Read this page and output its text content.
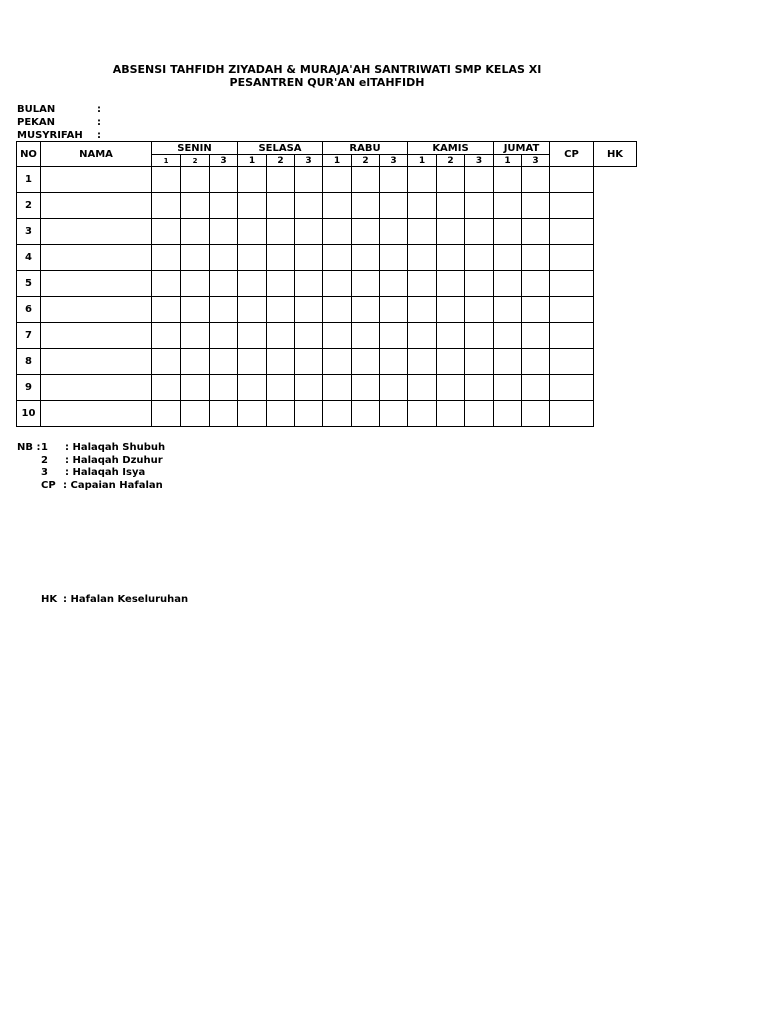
ABSENSI TAHFIDH ZIYADAH & MURAJA'AH SANTRIWATI SMP KELAS XI
PESANTREN QUR'AN elTAHFIDH
BULAN	:
PEKAN	:
MUSYRIFAH :
NO	NAMA	SENIN			SELASA			RABU			KAMIS			JUMAT		CP	HK
		1	2	3	1	2	3	1	2	3	1	2	3	1	3		
1																	
2																	
3																	
4																	
5																	
6																	
7																	
8																	
9																	
10																	
NB :1 : Halaqah Shubuh
2 : Halaqah Dzuhur
3 : Halaqah Isya
CP : Capaian Hafalan
HK : Hafalan Keseluruhan
